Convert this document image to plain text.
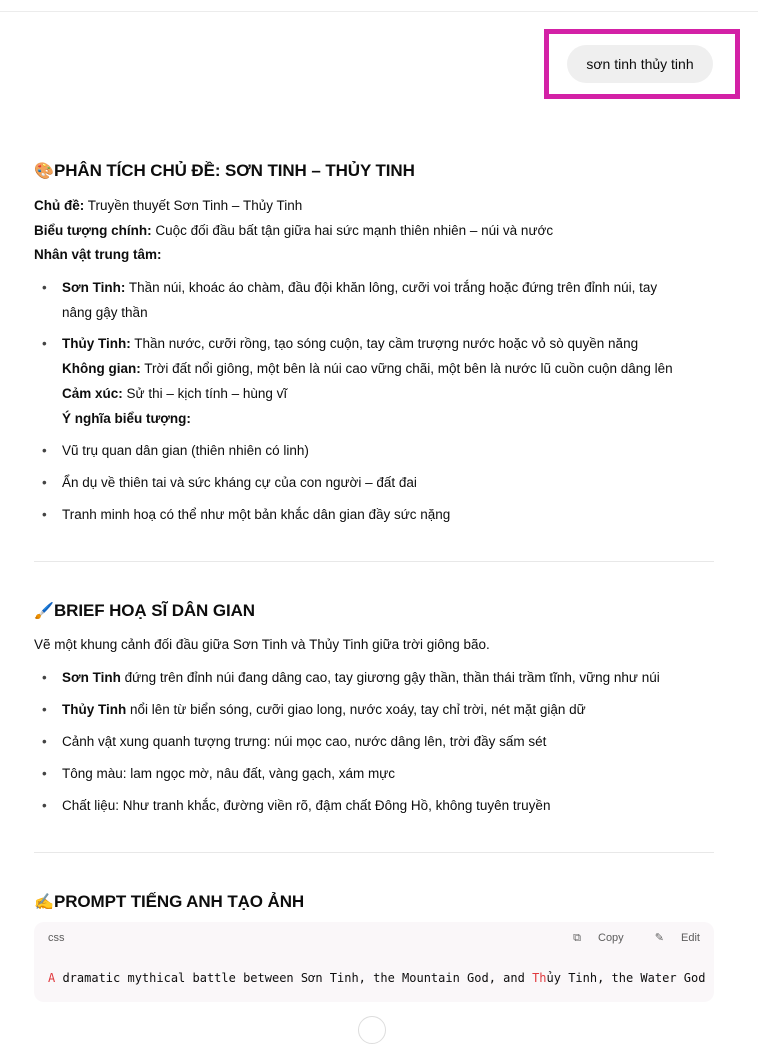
sơn tinh thủy tinh
🎨PHÂN TÍCH CHỦ ĐỀ: SƠN TINH – THỦY TINH
Chủ đề: Truyền thuyết Sơn Tinh – Thủy Tinh
Biểu tượng chính: Cuộc đối đầu bất tận giữa hai sức mạnh thiên nhiên – núi và nước
Nhân vật trung tâm:
• Sơn Tinh: Thần núi, khoác áo chàm, đầu đội khăn lông, cưỡi voi trắng hoặc đứng trên đỉnh núi, tay
nâng gậy thần
• Thủy Tinh: Thần nước, cưỡi rồng, tạo sóng cuộn, tay cầm trượng nước hoặc vỏ sò quyền năng
Không gian: Trời đất nổi giông, một bên là núi cao vững chãi, một bên là nước lũ cuồn cuộn dâng lên
Cảm xúc: Sử thi – kịch tính – hùng vĩ
Ý nghĩa biểu tượng:
• Vũ trụ quan dân gian (thiên nhiên có linh)
• Ẩn dụ về thiên tai và sức kháng cự của con người – đất đai
• Tranh minh hoạ có thể như một bản khắc dân gian đầy sức nặng
🖌️BRIEF HOẠ SĨ DÂN GIAN
Vẽ một khung cảnh đối đầu giữa Sơn Tinh và Thủy Tinh giữa trời giông bão.
• Sơn Tinh đứng trên đỉnh núi đang dâng cao, tay giương gậy thần, thần thái trầm tĩnh, vững như núi
• Thủy Tinh nổi lên từ biển sóng, cưỡi giao long, nước xoáy, tay chỉ trời, nét mặt giận dữ
• Cảnh vật xung quanh tượng trưng: núi mọc cao, nước dâng lên, trời đầy sấm sét
• Tông màu: lam ngọc mờ, nâu đất, vàng gạch, xám mực
• Chất liệu: Như tranh khắc, đường viền rõ, đậm chất Đông Hồ, không tuyên truyền
✍️PROMPT TIẾNG ANH TẠO ẢNH
css	⧉ Copy	✎ Edit
A dramatic mythical battle between Sơn Tinh, the Mountain God, and Thủy Tinh, the Water God
